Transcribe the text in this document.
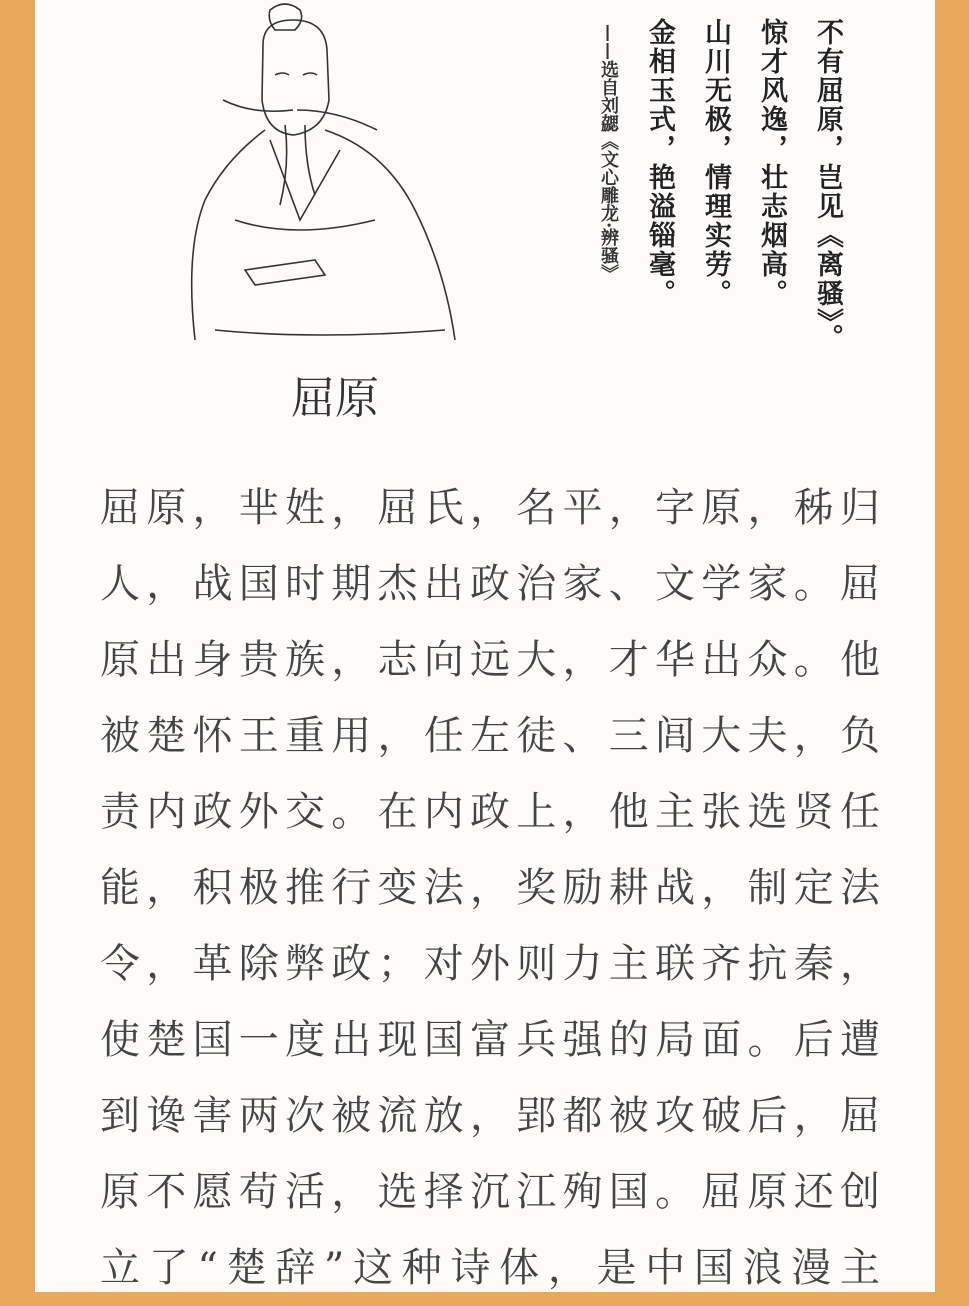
屈原
不有屈原，岂见《离骚》。
惊才风逸，壮志烟高。
山川无极，情理实劳。
金相玉式，艳溢锱毫。
——选自刘勰《文心雕龙·辨骚》
屈原，芈姓，屈氏，名平，字原，秭归
人，战国时期杰出政治家、文学家。屈
原出身贵族，志向远大，才华出众。他
被楚怀王重用，任左徒、三闾大夫，负
责内政外交。在内政上，他主张选贤任
能，积极推行变法，奖励耕战，制定法
令，革除弊政；对外则力主联齐抗秦，
使楚国一度出现国富兵强的局面。后遭
到谗害两次被流放，郢都被攻破后，屈
原不愿苟活，选择沉江殉国。屈原还创
立了“楚辞”这种诗体，是中国浪漫主
